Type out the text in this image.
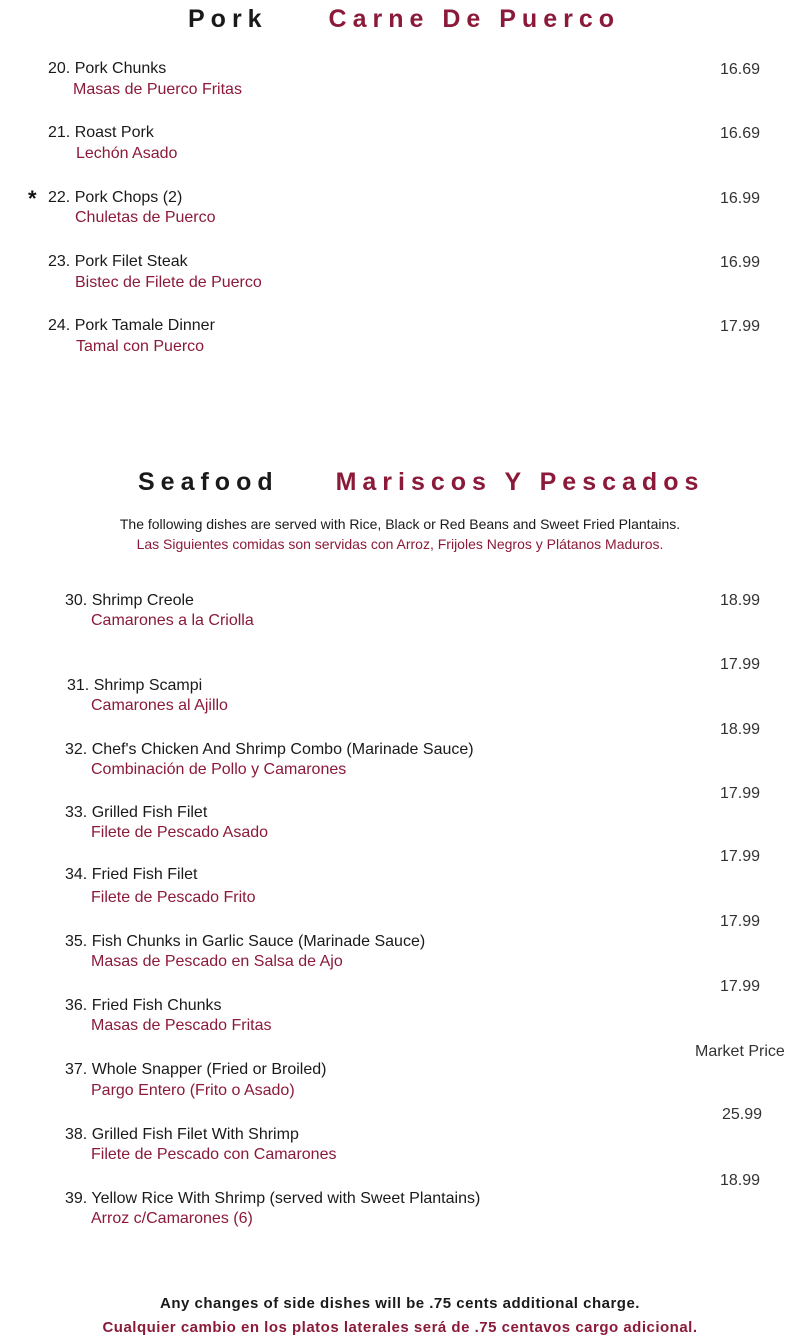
Pork Carne De Puerco
20. Pork Chunks
Masas de Puerco Fritas
16.69
21. Roast Pork
Lechón Asado
16.69
* 22. Pork Chops (2)
Chuletas de Puerco
16.99
23. Pork Filet Steak
Bistec de Filete de Puerco
16.99
24. Pork Tamale Dinner
Tamal con Puerco
17.99
Seafood Mariscos Y Pescados
The following dishes are served with Rice, Black or Red Beans and Sweet Fried Plantains.
Las Siguientes comidas son servidas con Arroz, Frijoles Negros y Plátanos Maduros.
30. Shrimp Creole
Camarones a la Criolla
18.99
17.99
31. Shrimp Scampi
Camarones al Ajillo
18.99
32. Chef's Chicken And Shrimp Combo (Marinade Sauce)
Combinación de Pollo y Camarones
17.99
33. Grilled Fish Filet
Filete de Pescado Asado
17.99
34. Fried Fish Filet
Filete de Pescado Frito
17.99
35. Fish Chunks in Garlic Sauce (Marinade Sauce)
Masas de Pescado en Salsa de Ajo
17.99
36. Fried Fish Chunks
Masas de Pescado Fritas
Market Price
37. Whole Snapper (Fried or Broiled)
Pargo Entero (Frito o Asado)
25.99
38. Grilled Fish Filet With Shrimp
Filete de Pescado con Camarones
18.99
39. Yellow Rice With Shrimp (served with Sweet Plantains)
Arroz c/Camarones (6)
Any changes of side dishes will be .75 cents additional charge.
Cualquier cambio en los platos laterales será de .75 centavos cargo adicional.
